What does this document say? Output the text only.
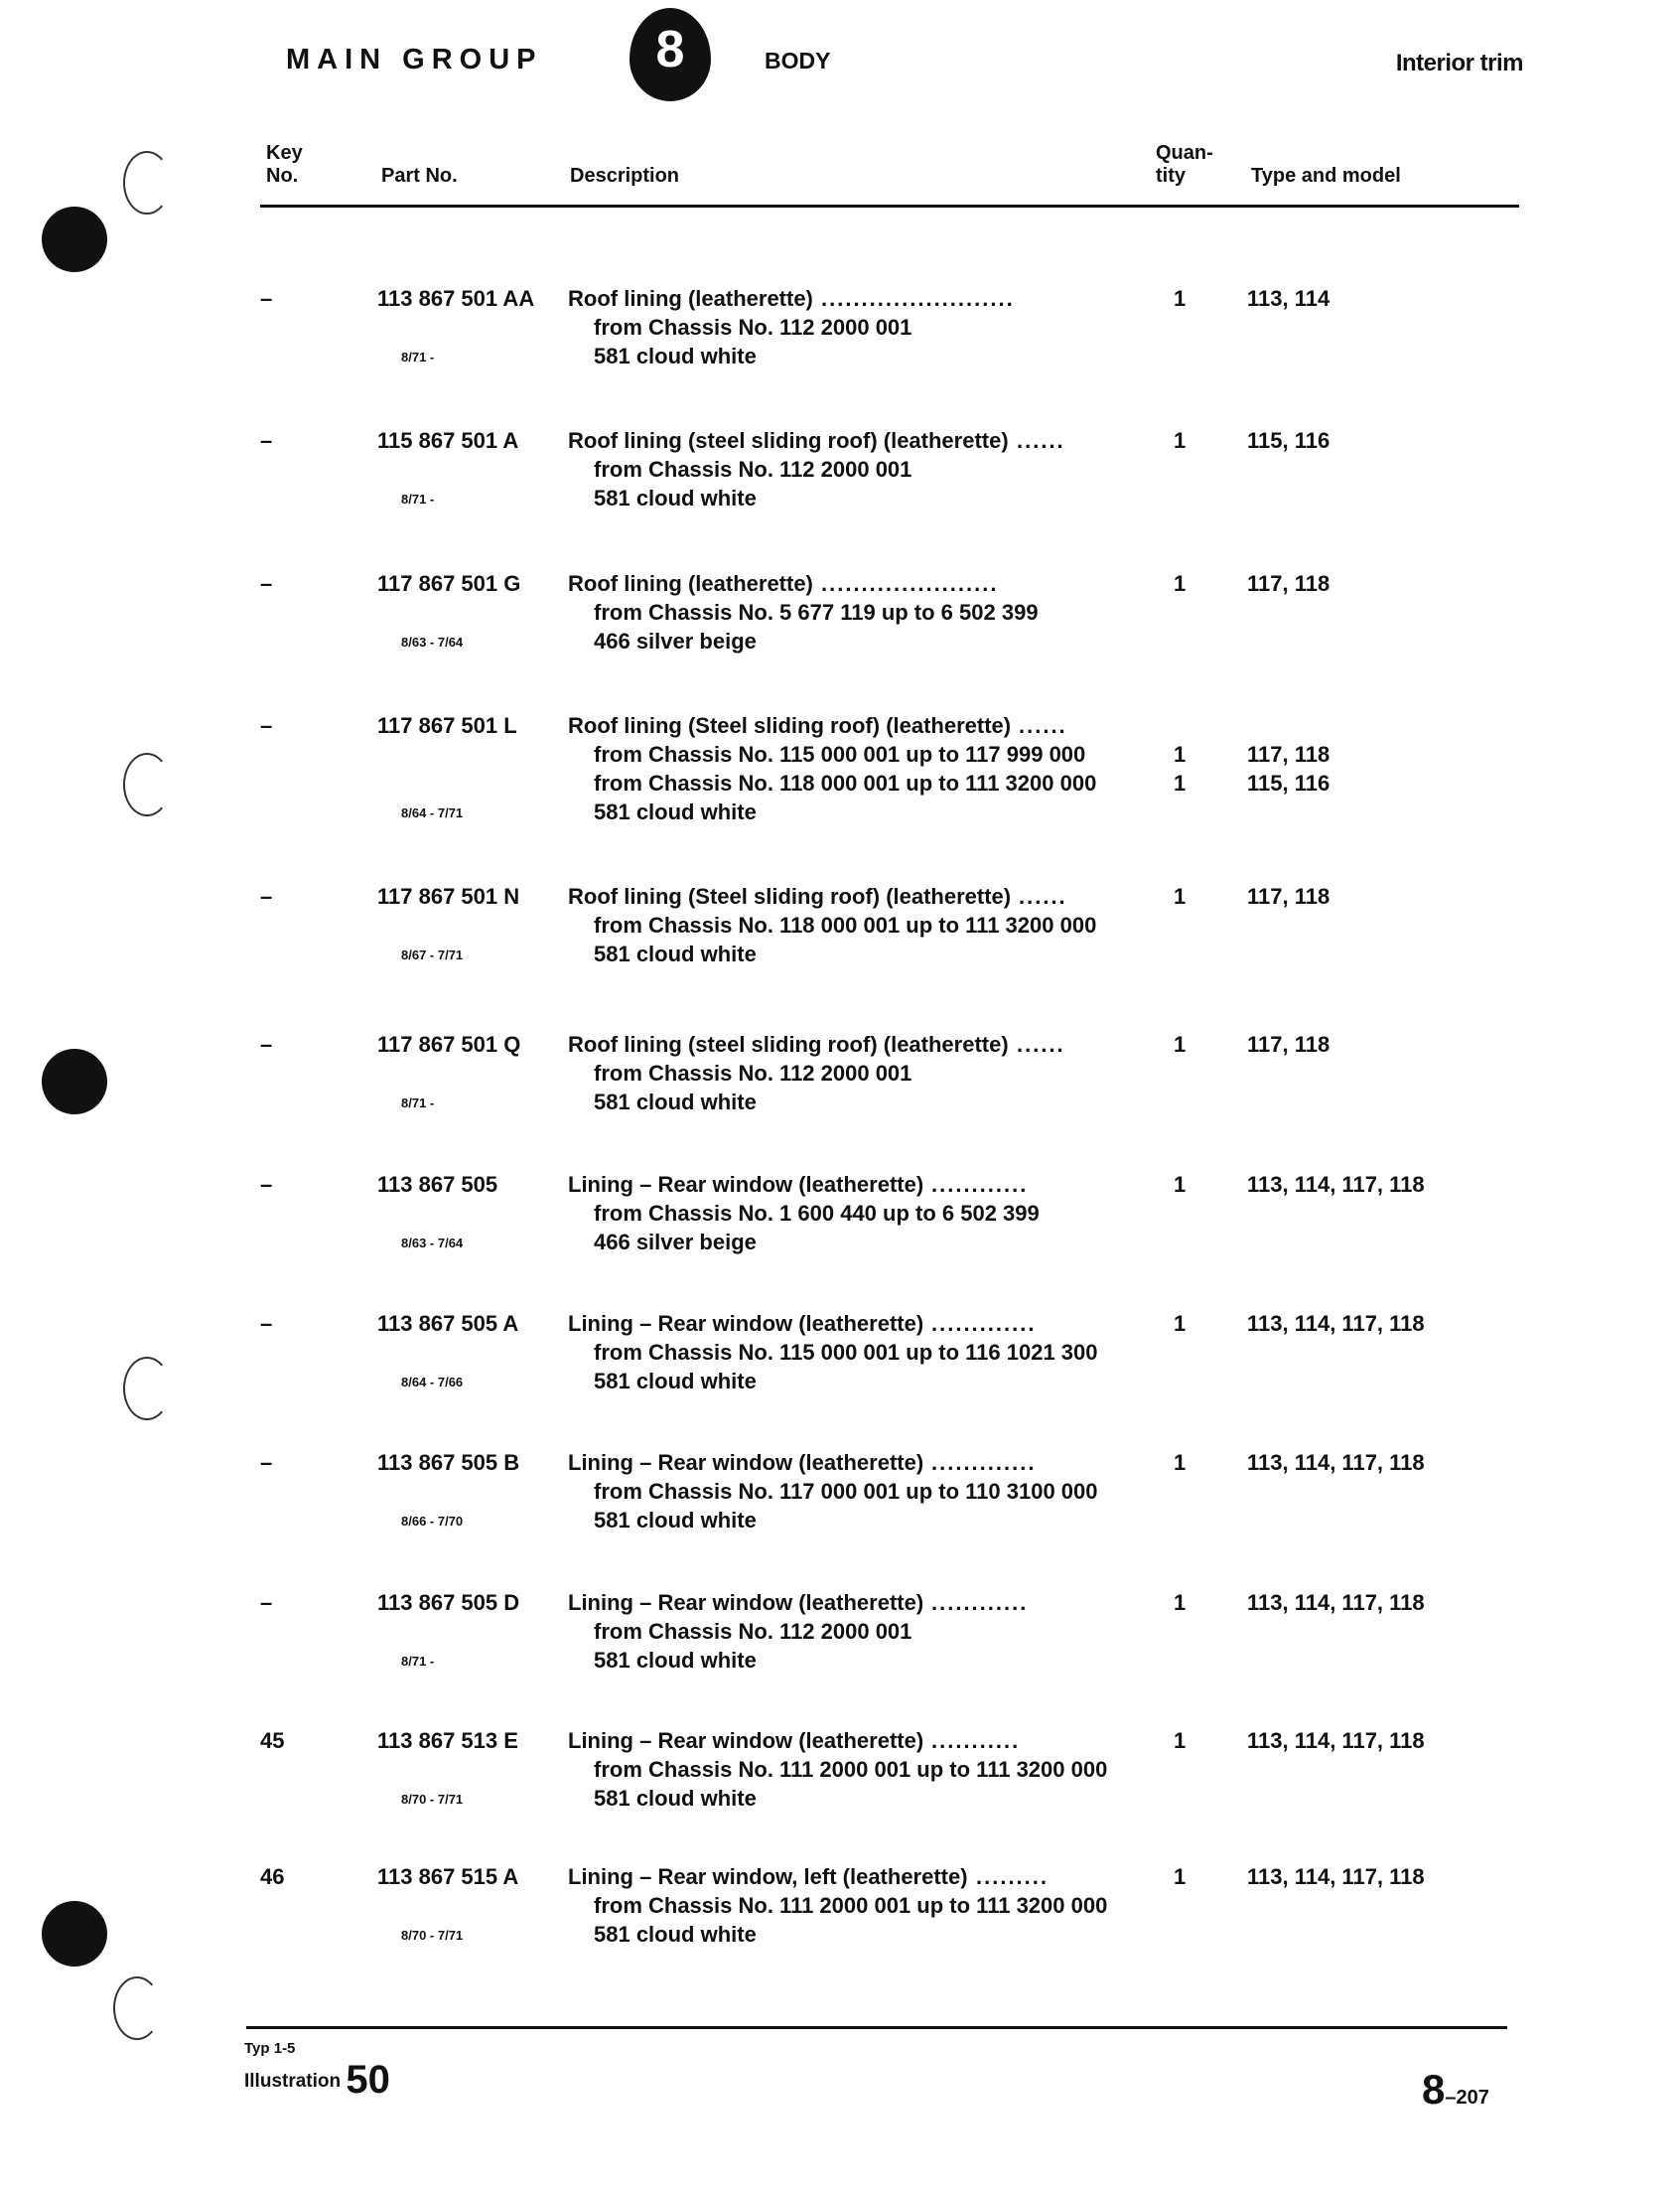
MAIN GROUP	8	BODY	Interior trim
Key
No.	Part No.	Description
Quan-
tity	Type and model
–	113 867 501 AA Roof lining (leatherette) ........................	1	113, 114
from Chassis No. 112 2000 001
581 cloud white
8/71 -
–	115 867 501 A Roof lining (steel sliding roof) (leatherette) ......	1	115, 116
from Chassis No. 112 2000 001
581 cloud white
8/71 -
–	117 867 501 G Roof lining (leatherette) ......................	1	117, 118
from Chassis No. 5 677 119 up to 6 502 399
466 silver beige
8/63 - 7/64
–	117 867 501 L Roof lining (Steel sliding roof) (leatherette) ......
from Chassis No. 115 000 001 up to 117 999 000	1	117, 118
from Chassis No. 118 000 001 up to 111 3200 000	1	115, 116
581 cloud white
8/64 - 7/71
–	117 867 501 N Roof lining (Steel sliding roof) (leatherette) ......	1	117, 118
from Chassis No. 118 000 001 up to 111 3200 000
581 cloud white
8/67 - 7/71
–	117 867 501 Q Roof lining (steel sliding roof) (leatherette) ......	1	117, 118
from Chassis No. 112 2000 001
581 cloud white
8/71 -
–	113 867 505	Lining – Rear window (leatherette) ............	1	113, 114, 117, 118
from Chassis No. 1 600 440 up to 6 502 399
466 silver beige
8/63 - 7/64
–	113 867 505 A Lining – Rear window (leatherette) .............	1	113, 114, 117, 118
from Chassis No. 115 000 001 up to 116 1021 300
581 cloud white
8/64 - 7/66
–	113 867 505 B Lining – Rear window (leatherette) .............	1	113, 114, 117, 118
from Chassis No. 117 000 001 up to 110 3100 000
581 cloud white
8/66 - 7/70
–	113 867 505 D Lining – Rear window (leatherette) ............	1	113, 114, 117, 118
from Chassis No. 112 2000 001
581 cloud white
8/71 -
45	113 867 513 E Lining – Rear window (leatherette) ...........	1	113, 114, 117, 118
from Chassis No. 111 2000 001 up to 111 3200 000
581 cloud white
8/70 - 7/71
46	113 867 515 A Lining – Rear window, left (leatherette) .........	1	113, 114, 117, 118
from Chassis No. 111 2000 001 up to 111 3200 000
581 cloud white
8/70 - 7/71
Typ 1-5
Illustration 50	8–207
